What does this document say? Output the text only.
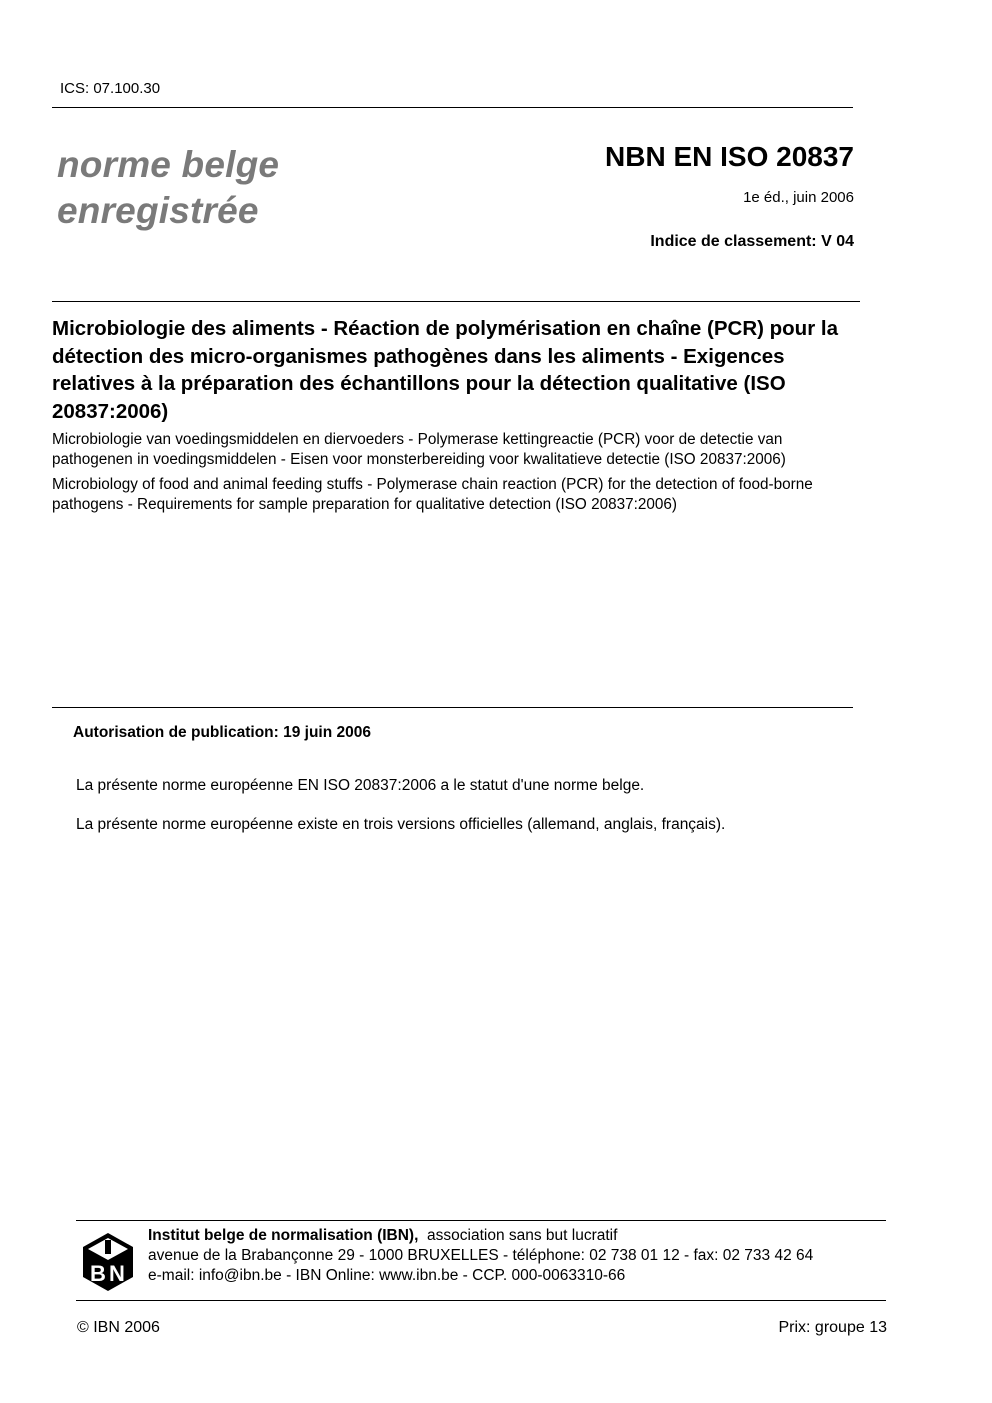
ICS: 07.100.30
norme belge
enregistrée
NBN EN ISO 20837
1e éd., juin 2006
Indice de classement: V 04
Microbiologie des aliments - Réaction de polymérisation en chaîne (PCR) pour la détection des micro-organismes pathogènes dans les aliments - Exigences relatives à la préparation des échantillons pour la détection qualitative (ISO 20837:2006)
Microbiologie van voedingsmiddelen en diervoeders - Polymerase kettingreactie (PCR) voor de detectie van pathogenen in voedingsmiddelen - Eisen voor monsterbereiding voor kwalitatieve detectie (ISO 20837:2006)
Microbiology of food and animal feeding stuffs - Polymerase chain reaction (PCR) for the detection of food-borne pathogens - Requirements for sample preparation for qualitative detection (ISO 20837:2006)
Autorisation de publication: 19 juin 2006
La présente norme européenne EN ISO 20837:2006 a le statut d'une norme belge.
La présente norme européenne existe en trois versions officielles (allemand, anglais, français).
B N
Institut belge de normalisation (IBN), association sans but lucratif
avenue de la Brabançonne 29 - 1000 BRUXELLES - téléphone: 02 738 01 12 - fax: 02 733 42 64
e-mail: info@ibn.be - IBN Online: www.ibn.be - CCP. 000-0063310-66
© IBN 2006	Prix: groupe 13
